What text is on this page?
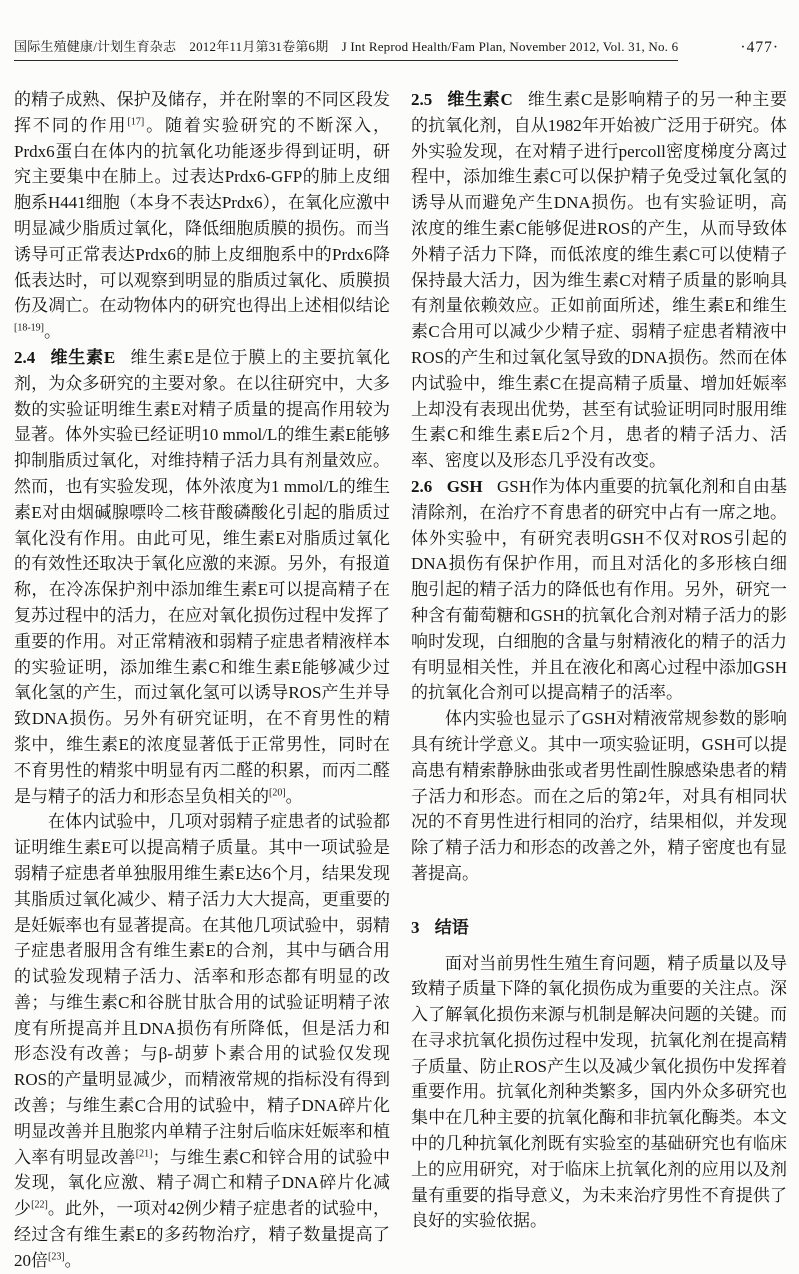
国际生殖健康/计划生育杂志　2012年11月第31卷第6期　J Int Reprod Health/Fam Plan, November 2012, Vol. 31, No. 6	·477·

的精子成熟、保护及储存，并在附睾的不同区段发挥不同的作用[17]。随着实验研究的不断深入，Prdx6蛋白在体内的抗氧化功能逐步得到证明，研究主要集中在肺上。过表达Prdx6-GFP的肺上皮细胞系H441细胞（本身不表达Prdx6），在氧化应激中明显减少脂质过氧化，降低细胞质膜的损伤。而当诱导可正常表达Prdx6的肺上皮细胞系中的Prdx6降低表达时，可以观察到明显的脂质过氧化、质膜损伤及凋亡。在动物体内的研究也得出上述相似结论[18-19]。

2.4 维生素E 维生素E是位于膜上的主要抗氧化剂，为众多研究的主要对象。在以往研究中，大多数的实验证明维生素E对精子质量的提高作用较为显著。体外实验已经证明10 mmol/L的维生素E能够抑制脂质过氧化，对维持精子活力具有剂量效应。然而，也有实验发现，体外浓度为1 mmol/L的维生素E对由烟碱腺嘌呤二核苷酸磷酸化引起的脂质过氧化没有作用。由此可见，维生素E对脂质过氧化的有效性还取决于氧化应激的来源。另外，有报道称，在冷冻保护剂中添加维生素E可以提高精子在复苏过程中的活力，在应对氧化损伤过程中发挥了重要的作用。对正常精液和弱精子症患者精液样本的实验证明，添加维生素C和维生素E能够减少过氧化氢的产生，而过氧化氢可以诱导ROS产生并导致DNA损伤。另外有研究证明，在不育男性的精浆中，维生素E的浓度显著低于正常男性，同时在不育男性的精浆中明显有丙二醛的积累，而丙二醛是与精子的活力和形态呈负相关的[20]。

在体内试验中，几项对弱精子症患者的试验都证明维生素E可以提高精子质量。其中一项试验是弱精子症患者单独服用维生素E达6个月，结果发现其脂质过氧化减少、精子活力大大提高，更重要的是妊娠率也有显著提高。在其他几项试验中，弱精子症患者服用含有维生素E的合剂，其中与硒合用的试验发现精子活力、活率和形态都有明显的改善；与维生素C和谷胱甘肽合用的试验证明精子浓度有所提高并且DNA损伤有所降低，但是活力和形态没有改善；与β-胡萝卜素合用的试验仅发现ROS的产量明显减少，而精液常规的指标没有得到改善；与维生素C合用的试验中，精子DNA碎片化明显改善并且胞浆内单精子注射后临床妊娠率和植入率有明显改善[21]；与维生素C和锌合用的试验中发现，氧化应激、精子凋亡和精子DNA碎片化减少[22]。此外，一项对42例少精子症患者的试验中，经过含有维生素E的多药物治疗，精子数量提高了20倍[23]。

2.5 维生素C 维生素C是影响精子的另一种主要的抗氧化剂，自从1982年开始被广泛用于研究。体外实验发现，在对精子进行percoll密度梯度分离过程中，添加维生素C可以保护精子免受过氧化氢的诱导从而避免产生DNA损伤。也有实验证明，高浓度的维生素C能够促进ROS的产生，从而导致体外精子活力下降，而低浓度的维生素C可以使精子保持最大活力，因为维生素C对精子质量的影响具有剂量依赖效应。正如前面所述，维生素E和维生素C合用可以减少少精子症、弱精子症患者精液中ROS的产生和过氧化氢导致的DNA损伤。然而在体内试验中，维生素C在提高精子质量、增加妊娠率上却没有表现出优势，甚至有试验证明同时服用维生素C和维生素E后2个月，患者的精子活力、活率、密度以及形态几乎没有改变。

2.6 GSH GSH作为体内重要的抗氧化剂和自由基清除剂，在治疗不育患者的研究中占有一席之地。体外实验中，有研究表明GSH不仅对ROS引起的DNA损伤有保护作用，而且对活化的多形核白细胞引起的精子活力的降低也有作用。另外，研究一种含有葡萄糖和GSH的抗氧化合剂对精子活力的影响时发现，白细胞的含量与射精液化的精子的活力有明显相关性，并且在液化和离心过程中添加GSH的抗氧化合剂可以提高精子的活率。

体内实验也显示了GSH对精液常规参数的影响具有统计学意义。其中一项实验证明，GSH可以提高患有精索静脉曲张或者男性副性腺感染患者的精子活力和形态。而在之后的第2年，对具有相同状况的不育男性进行相同的治疗，结果相似，并发现除了精子活力和形态的改善之外，精子密度也有显著提高。

3 结语

面对当前男性生殖生育问题，精子质量以及导致精子质量下降的氧化损伤成为重要的关注点。深入了解氧化损伤来源与机制是解决问题的关键。而在寻求抗氧化损伤过程中发现，抗氧化剂在提高精子质量、防止ROS产生以及减少氧化损伤中发挥着重要作用。抗氧化剂种类繁多，国内外众多研究也集中在几种主要的抗氧化酶和非抗氧化酶类。本文中的几种抗氧化剂既有实验室的基础研究也有临床上的应用研究，对于临床上抗氧化剂的应用以及剂量有重要的指导意义，为未来治疗男性不育提供了良好的实验依据。
